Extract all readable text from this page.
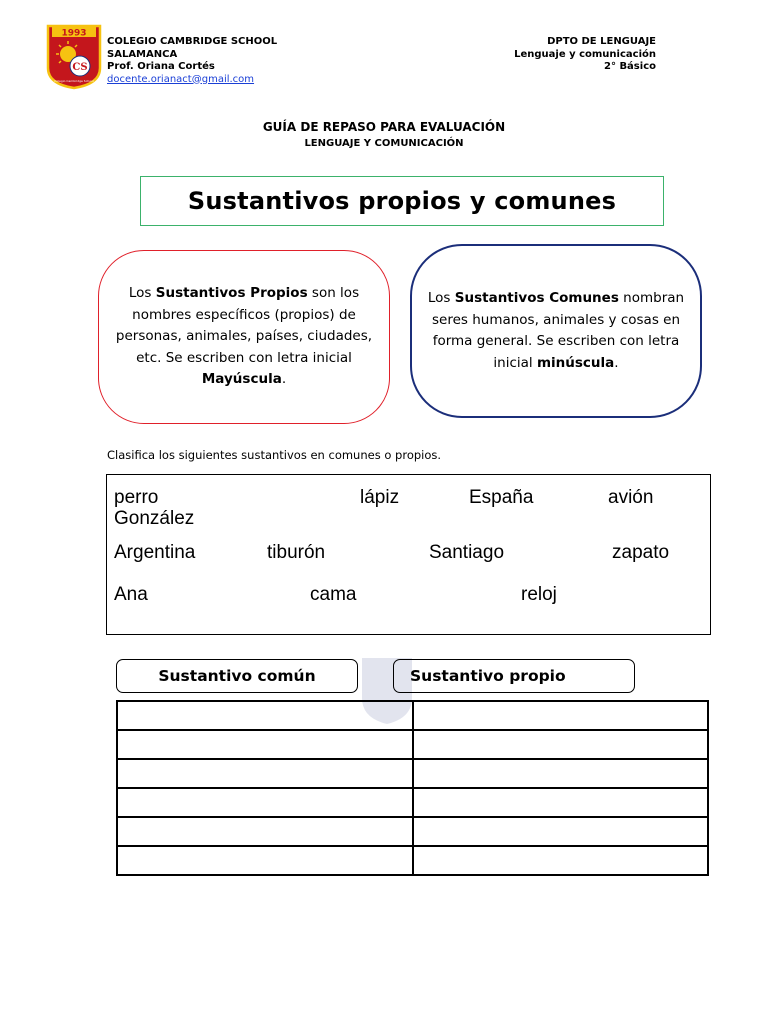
1993
CS
Colegio Cambridge School
COLEGIO CAMBRIDGE SCHOOL
SALAMANCA
Prof. Oriana Cortés
docente.orianact@gmail.com
DPTO DE LENGUAJE
Lenguaje y comunicación
2° Básico
GUÍA DE REPASO PARA EVALUACIÓN
LENGUAJE Y COMUNICACIÓN
Sustantivos propios y comunes

Los Sustantivos Propios son los nombres específicos (propios) de personas, animales, países, ciudades, etc. Se escriben con letra inicial Mayúscula.

Los Sustantivos Comunes nombran seres humanos, animales y cosas en forma general. Se escriben con letra inicial minúscula.

Clasifica los siguientes sustantivos en comunes o propios.
perro	lápiz	España	avión
González
Argentina	tiburón	Santiago	zapato
Ana	cama	reloj
Sustantivo común	Sustantivo propio
